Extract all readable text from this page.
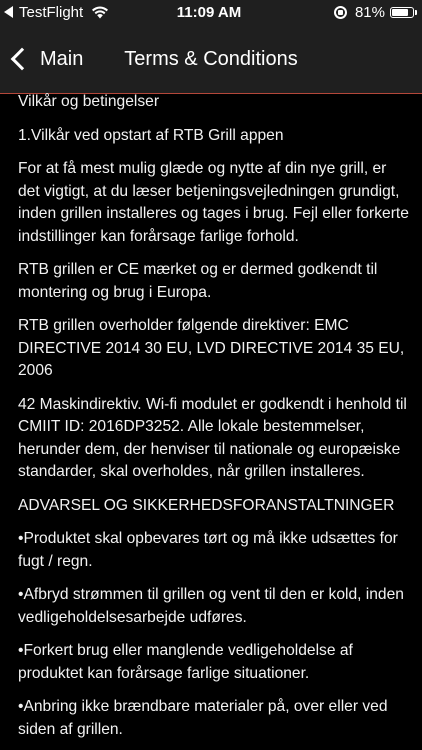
TestFlight	11:09 AM	81%
Main	Terms & Conditions

Vilkår og betingelser

1.Vilkår ved opstart af RTB Grill appen

For at få mest mulig glæde og nytte af din nye grill, er det vigtigt, at du læser betjeningsvejledningen grundigt, inden grillen installeres og tages i brug. Fejl eller forkerte indstillinger kan forårsage farlige forhold.

RTB grillen er CE mærket og er dermed godkendt til montering og brug i Europa.

RTB grillen overholder følgende direktiver: EMC DIRECTIVE 2014 30 EU, LVD DIRECTIVE 2014 35 EU, 2006

42 Maskindirektiv. Wi-fi modulet er godkendt i henhold til CMIIT ID: 2016DP3252. Alle lokale bestemmelser, herunder dem, der henviser til nationale og europæiske standarder, skal overholdes, når grillen installeres.

ADVARSEL OG SIKKERHEDSFORANSTALTNINGER

•Produktet skal opbevares tørt og må ikke udsættes for fugt / regn.

•Afbryd strømmen til grillen og vent til den er kold, inden vedligeholdelsesarbejde udføres.

•Forkert brug eller manglende vedligeholdelse af produktet kan forårsage farlige situationer.

•Anbring ikke brændbare materialer på, over eller ved siden af grillen.
